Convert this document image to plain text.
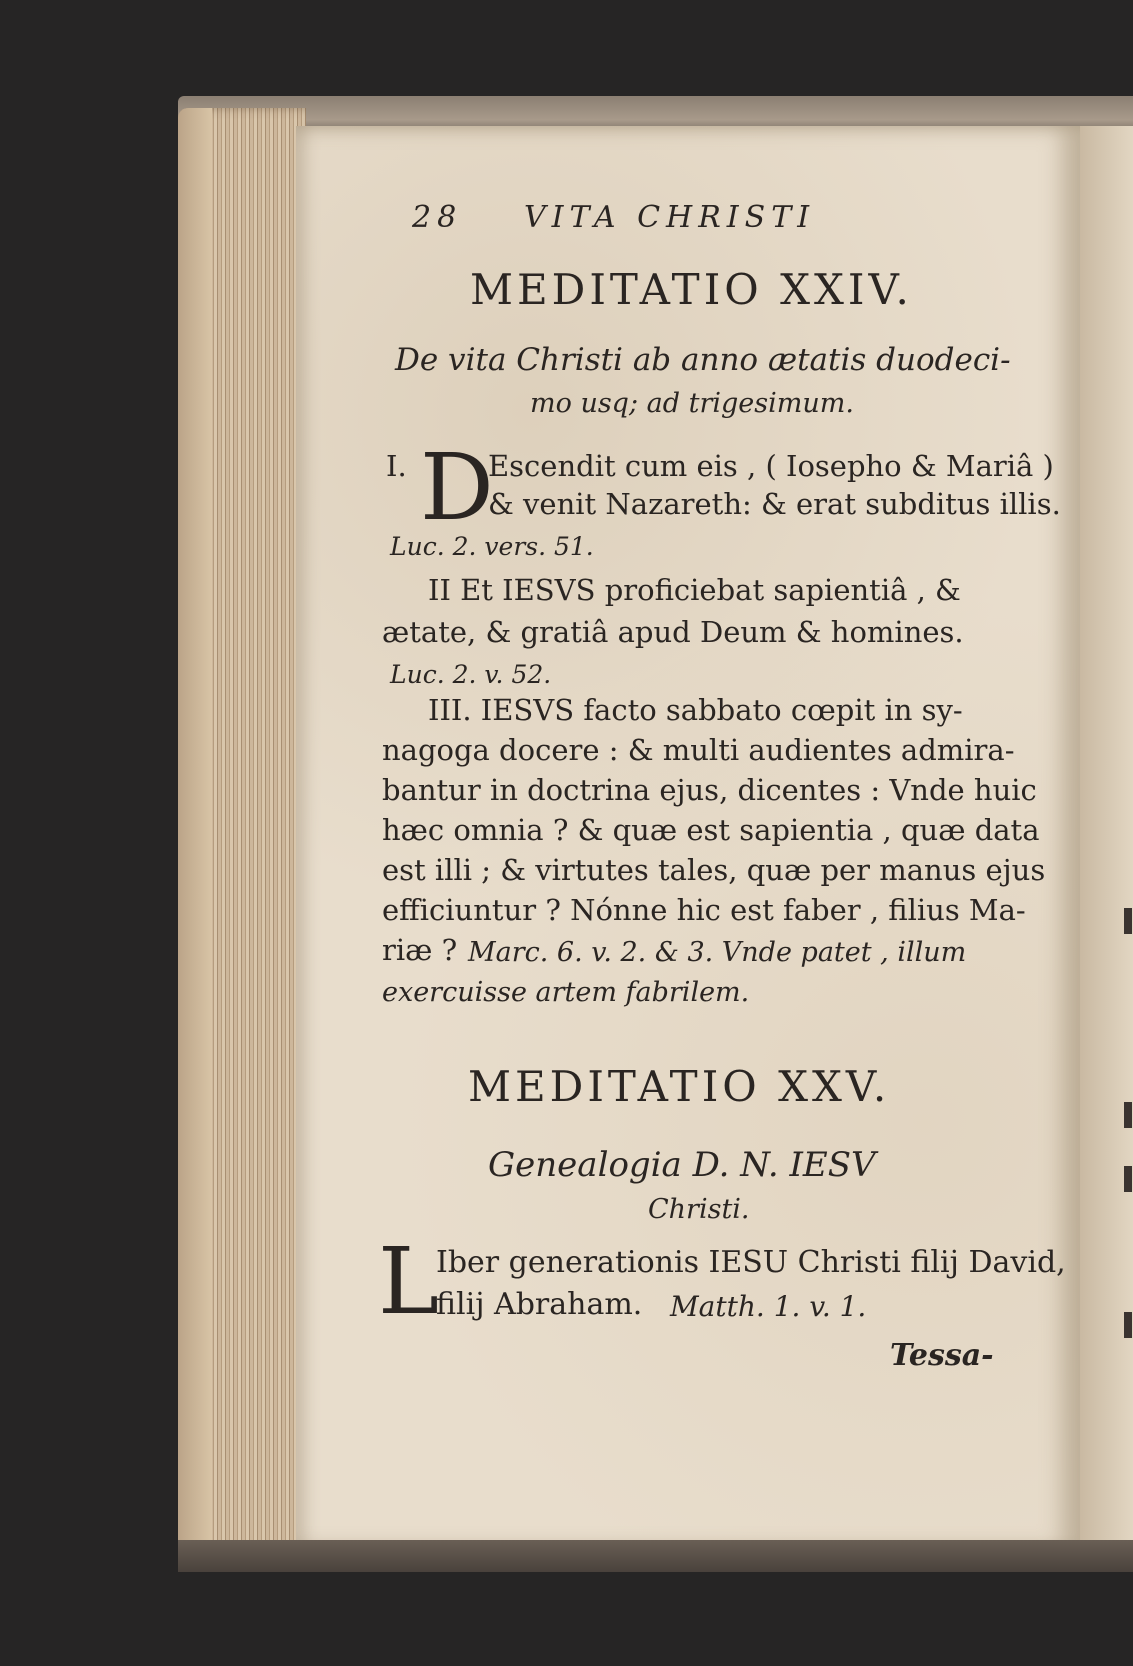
28 VITA CHRISTI
MEDITATIO XXIV.
De vita Christi ab anno ætatis duodeci-
mo usq; ad trigesimum.
I. D
Escendit cum eis , ( Iosepho & Mariâ )
& venit Nazareth: & erat subditus illis.
Luc. 2. vers. 51.
II Et IESVS proficiebat sapientiâ , &
ætate, & gratiâ apud Deum & homines.
Luc. 2. v. 52.
III. IESVS facto sabbato cœpit in sy-
nagoga docere : & multi audientes admira-
bantur in doctrina ejus, dicentes : Vnde huic
hæc omnia ? & quæ est sapientia , quæ data
est illi ; & virtutes tales, quæ per manus ejus
efficiuntur ? Nónne hic est faber , filius Ma-
riæ ? Marc. 6. v. 2. & 3. Vnde patet , illum
exercuisse artem fabrilem.
MEDITATIO XXV.
Genealogia D. N. IESV
Christi.
L
Iber generationis IESU Christi filij David,
filij Abraham. Matth. 1. v. 1.
Tessa-
